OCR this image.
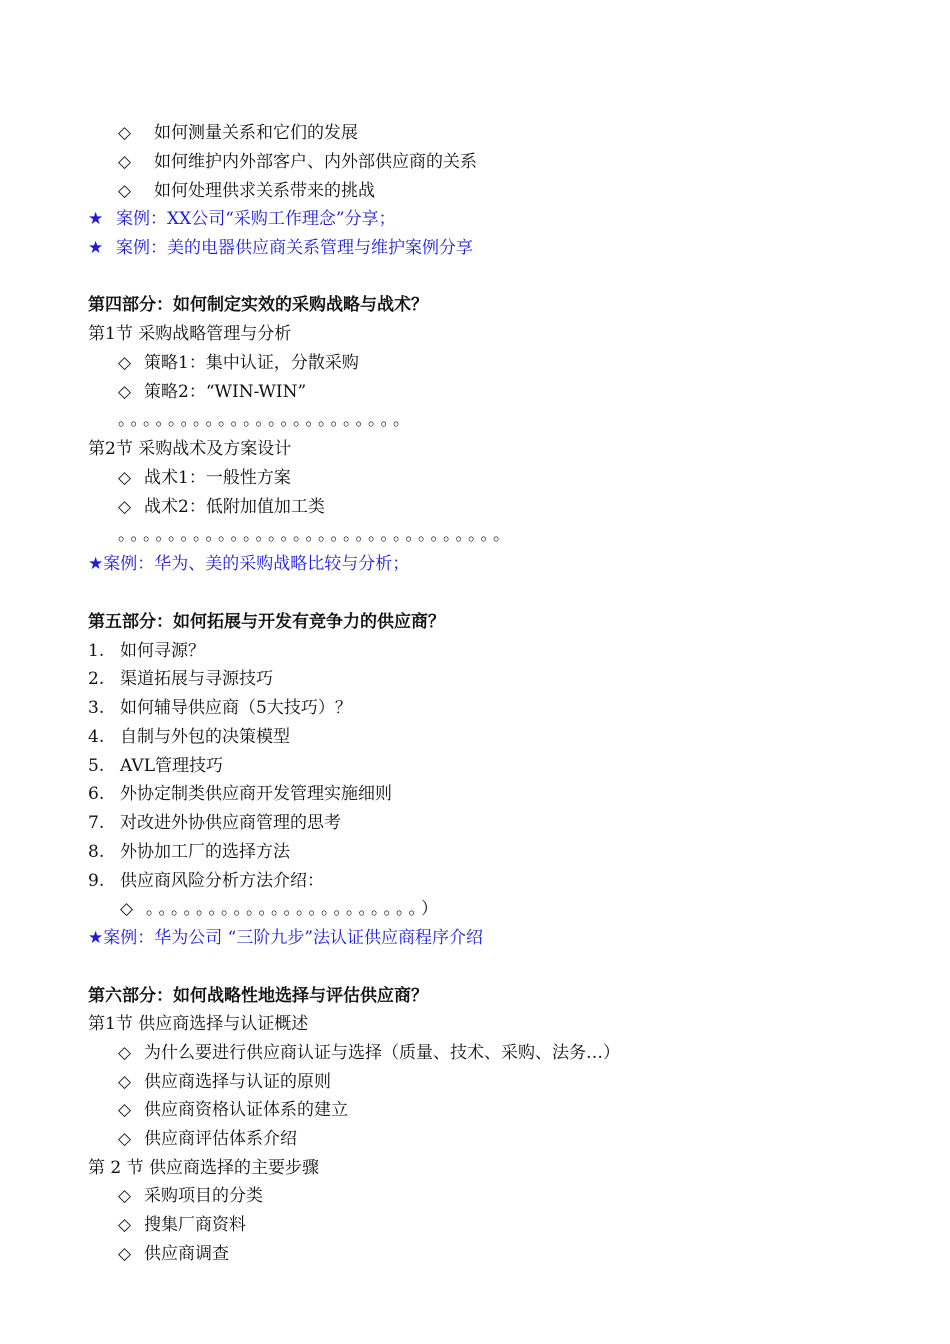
◇ 如何测量关系和它们的发展
◇ 如何维护内外部客户、内外部供应商的关系
◇ 如何处理供求关系带来的挑战
★ 案例：XX公司“采购工作理念”分享；
★ 案例：美的电器供应商关系管理与维护案例分享
第四部分：如何制定实效的采购战略与战术？
第1节 采购战略管理与分析
◇ 策略1：集中认证，分散采购
◇ 策略2：“WIN-WIN”
。。。。。。。。。。。。。。。。。。。。。。。
第2节 采购战术及方案设计
◇ 战术1：一般性方案
◇ 战术2：低附加值加工类
。。。。。。。。。。。。。。。。。。。。。。。。。。。。。。。
★案例：华为、美的采购战略比较与分析；
第五部分：如何拓展与开发有竞争力的供应商？
1. 如何寻源？
2. 渠道拓展与寻源技巧
3. 如何辅导供应商（5大技巧）？
4. 自制与外包的决策模型
5. AVL管理技巧
6. 外协定制类供应商开发管理实施细则
7. 对改进外协供应商管理的思考
8. 外协加工厂的选择方法
9. 供应商风险分析方法介绍：
◇ 。。。。。。。。。。。。。。。。。。。。。。）
★案例：华为公司 “三阶九步”法认证供应商程序介绍
第六部分：如何战略性地选择与评估供应商？
第1节 供应商选择与认证概述
◇ 为什么要进行供应商认证与选择（质量、技术、采购、法务…）
◇ 供应商选择与认证的原则
◇ 供应商资格认证体系的建立
◇ 供应商评估体系介绍
第 2 节 供应商选择的主要步骤
◇ 采购项目的分类
◇ 搜集厂商资料
◇ 供应商调查
